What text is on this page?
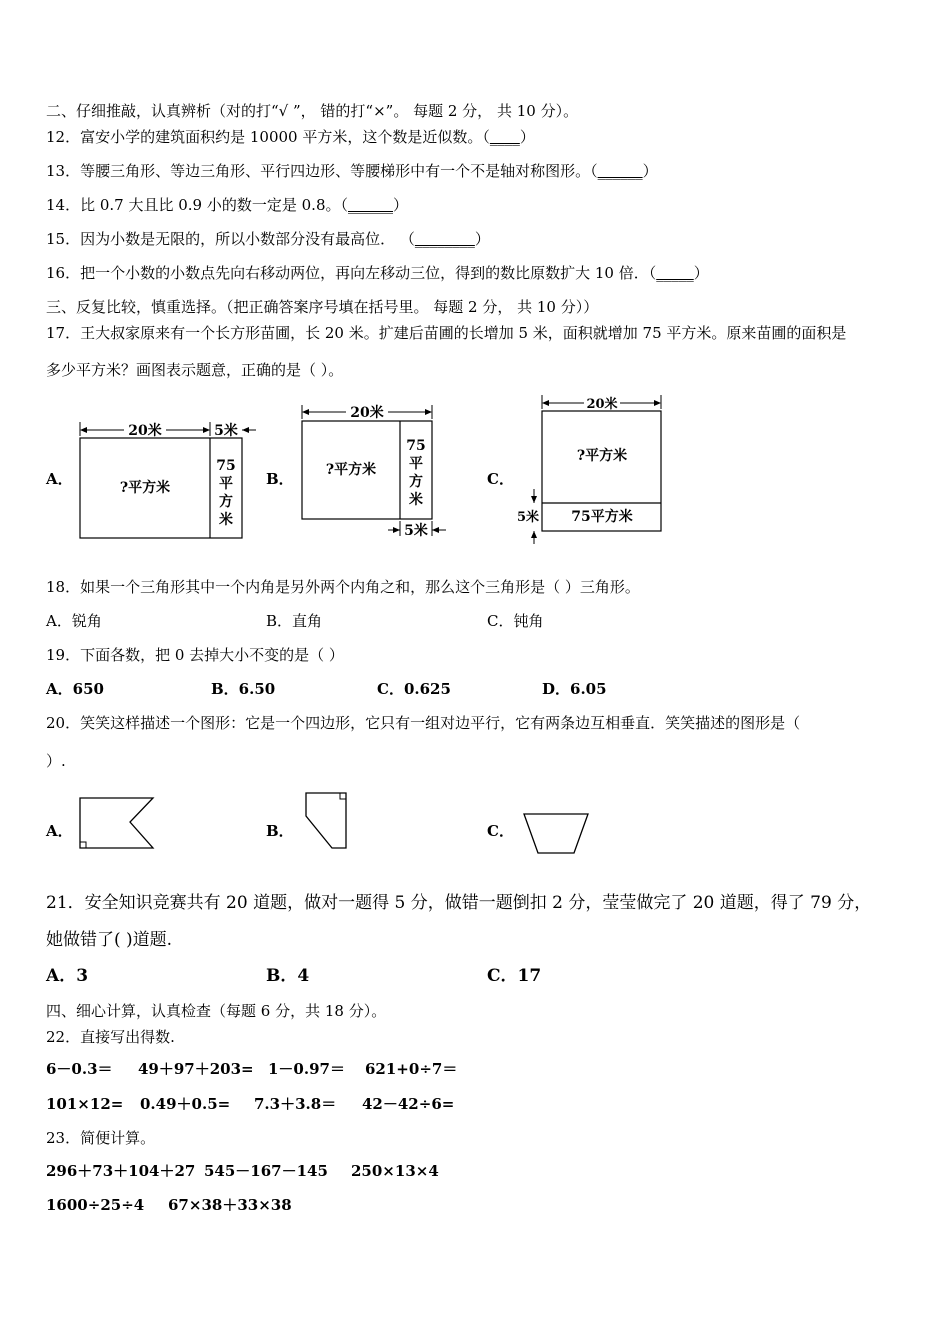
二、仔细推敲，认真辨析（对的打“√ ”， 错的打“×”。 每题 2 分， 共 10 分）。
12．富安小学的建筑面积约是 10000 平方米，这个数是近似数。（____）
13．等腰三角形、等边三角形、平行四边形、等腰梯形中有一个不是轴对称图形。（______）
14．比 0.7 大且比 0.9 小的数一定是 0.8。（______）
15．因为小数是无限的，所以小数部分没有最高位． （________）
16．把一个小数的小数点先向右移动两位，再向左移动三位，得到的数比原数扩大 10 倍．（_____）
三、反复比较，慎重选择。（把正确答案序号填在括号里。 每题 2 分， 共 10 分））
17．王大叔家原来有一个长方形苗圃，长 20 米。扩建后苗圃的长增加 5 米，面积就增加 75 平方米。原来苗圃的面积是
多少平方米？画图表示题意，正确的是（ ）。
A．	B．	C．
20米	5米
?平方米
75
平
方
米
20米
5米
?平方米
75
平
方
米
20米
5米
?平方米
75平方米
18．如果一个三角形其中一个内角是另外两个内角之和，那么这个三角形是（ ）三角形。
A．锐角	B．直角	C．钝角
19．下面各数，把 0 去掉大小不变的是（ ）
A．650	B．6.50	C．0.625	D．6.05
20．笑笑这样描述一个图形：它是一个四边形，它只有一组对边平行，它有两条边互相垂直．笑笑描述的图形是（
）.
A．	B．	C．
21．安全知识竞赛共有 20 道题，做对一题得 5 分，做错一题倒扣 2 分，莹莹做完了 20 道题，得了 79 分，
她做错了( )道题.
A．3	B．4	C．17
四、细心计算，认真检查（每题 6 分，共 18 分）。
22．直接写出得数.
6－0.3＝ 49＋97＋203= 1－0.97＝ 621+0÷7＝
101×12= 0.49＋0.5= 7.3＋3.8＝ 42－42÷6=
23．简便计算。
296＋73＋104＋27 545－167－145 250×13×4
1600÷25÷4 67×38＋33×38
